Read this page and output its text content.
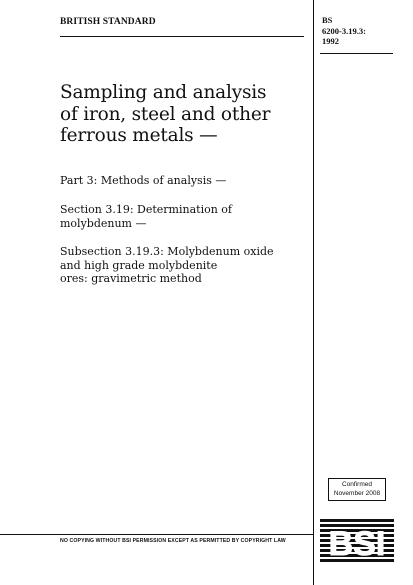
BRITISH STANDARD	BS
6200-3.19.3:
1992
Sampling and analysis
of iron, steel and other
ferrous metals —
Part 3: Methods of analysis —
Section 3.19: Determination of
molybdenum —
Subsection 3.19.3: Molybdenum oxide
and high grade molybdenite
ores: gravimetric method
Confirmed
November 2008
NO COPYING WITHOUT BSI PERMISSION EXCEPT AS PERMITTED BY COPYRIGHT LAW	BSI
